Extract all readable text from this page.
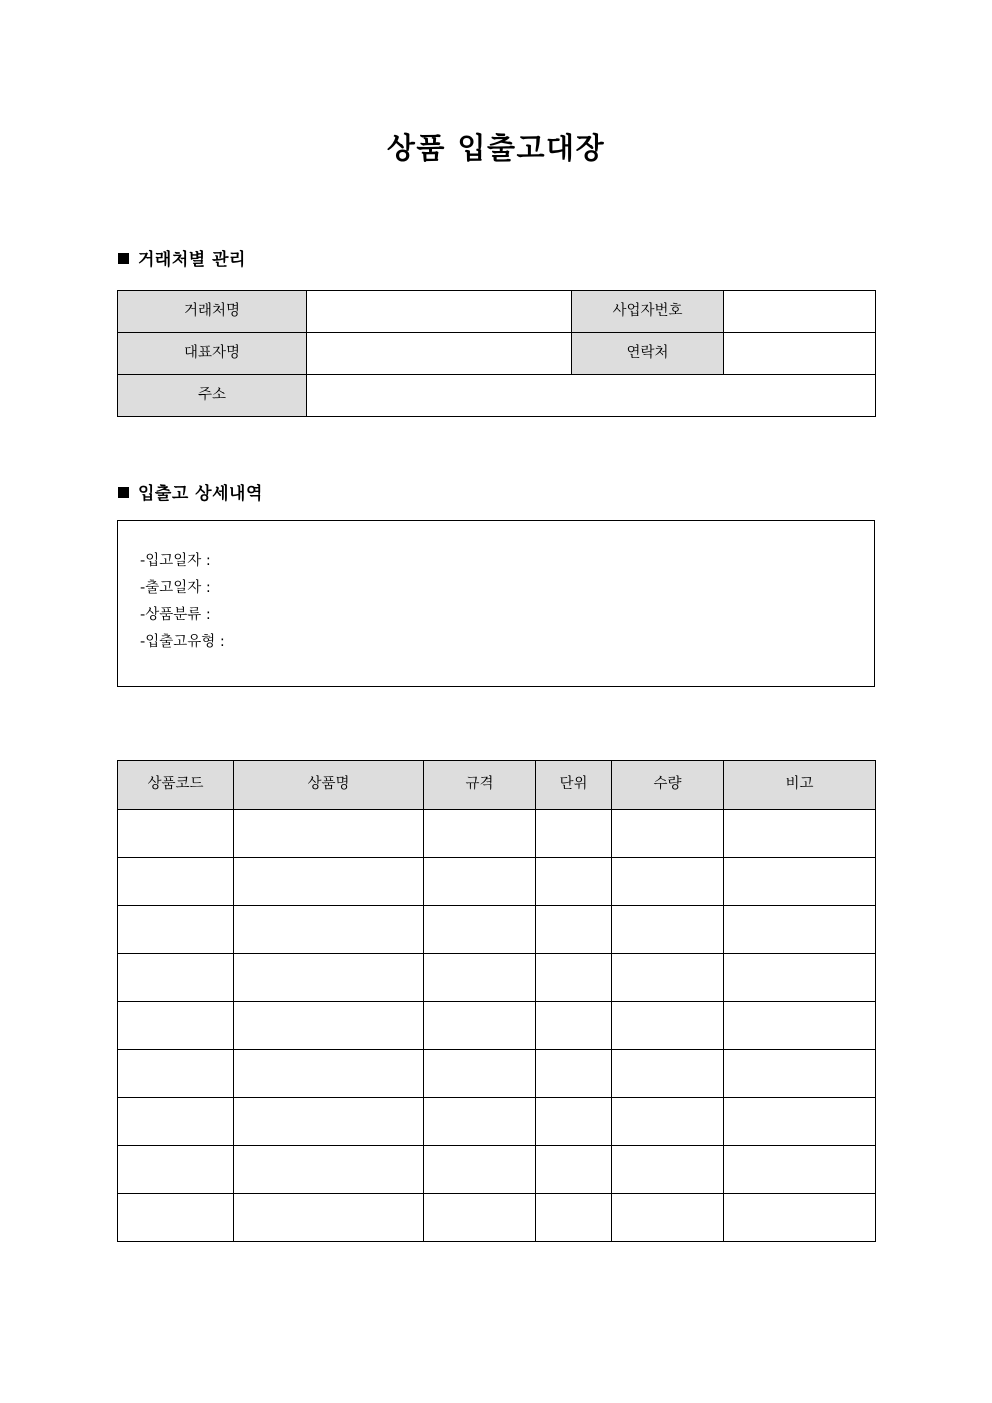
상품 입출고대장
거래처별 관리
거래처명		사업자번호	
대표자명		연락처	
주소			
입출고 상세내역
-입고일자 :
-출고일자 :
-상품분류 :
-입출고유형 :
상품코드	상품명	규격	단위	수량	비고
